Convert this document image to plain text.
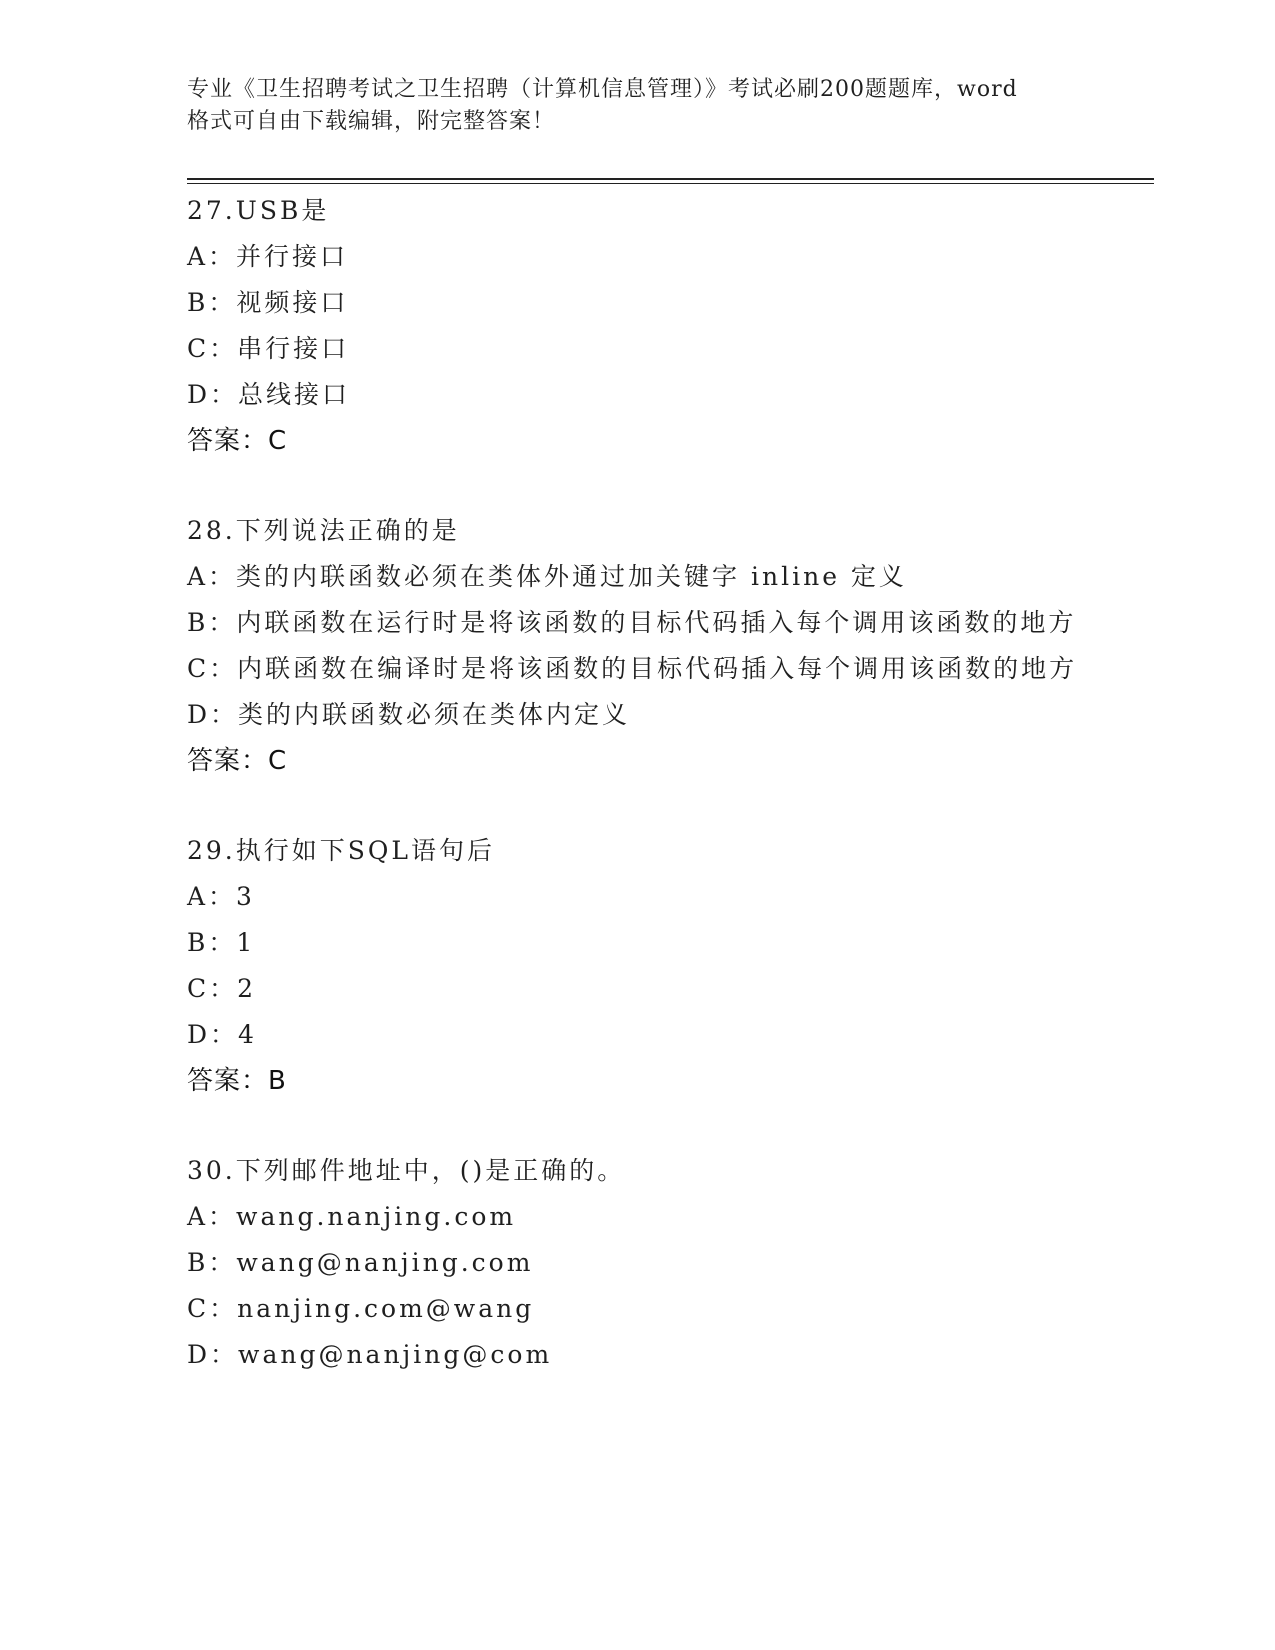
专业《卫生招聘考试之卫生招聘（计算机信息管理）》考试必刷200题题库，word
格式可自由下载编辑，附完整答案！
27.USB是
A：并行接口
B：视频接口
C：串行接口
D：总线接口
答案：C
28.下列说法正确的是
A：类的内联函数必须在类体外通过加关键字 inline 定义
B：内联函数在运行时是将该函数的目标代码插入每个调用该函数的地方
C：内联函数在编译时是将该函数的目标代码插入每个调用该函数的地方
D：类的内联函数必须在类体内定义
答案：C
29.执行如下SQL语句后
A：3
B：1
C：2
D：4
答案：B
30.下列邮件地址中，()是正确的。
A：wang.nanjing.com
B：wang@nanjing.com
C：nanjing.com@wang
D：wang@nanjing@com
